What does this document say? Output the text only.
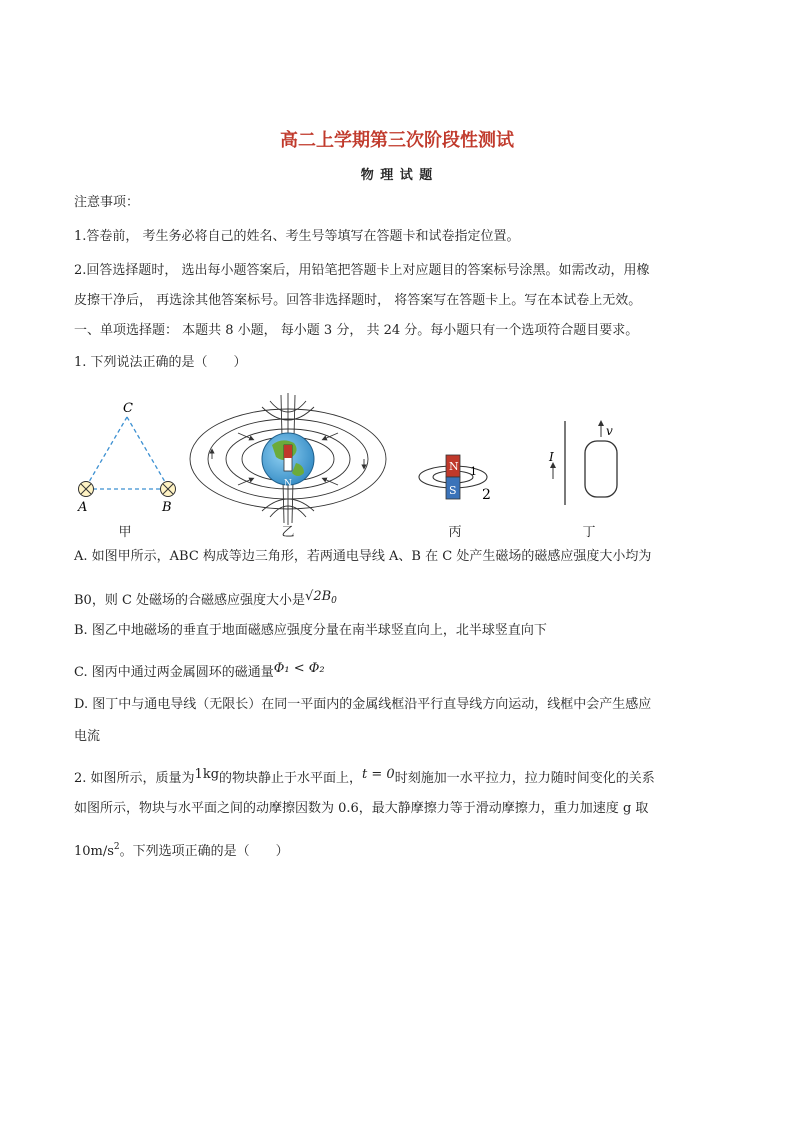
高二上学期第三次阶段性测试
物 理 试 题
注意事项：
1.答卷前， 考生务必将自己的姓名、考生号等填写在答题卡和试卷指定位置。
2.回答选择题时， 选出每小题答案后，用铅笔把答题卡上对应题目的答案标号涂黑。如需改动，用橡
皮擦干净后， 再选涂其他答案标号。回答非选择题时， 将答案写在答题卡上。写在本试卷上无效。
一、单项选择题： 本题共 8 小题， 每小题 3 分， 共 24 分。每小题只有一个选项符合题目要求。
1. 下列说法正确的是（　　）
C
A	B
N
N
S
1
2
I
v
甲	乙	丙	丁
A. 如图甲所示，ABC 构成等边三角形，若两通电导线 A、B 在 C 处产生磁场的磁感应强度大小均为
B0，则 C 处磁场的合磁感应强度大小是$√2B_0$
B. 图乙中地磁场的垂直于地面磁感应强度分量在南半球竖直向上，北半球竖直向下
C. 图丙中通过两金属圆环的磁通量Φ₁ < Φ₂
D. 图丁中与通电导线（无限长）在同一平面内的金属线框沿平行直导线方向运动，线框中会产生感应
电流
2. 如图所示，质量为1kg的物块静止于水平面上，t = 0时刻施加一水平拉力，拉力随时间变化的关系
如图所示，物块与水平面之间的动摩擦因数为 0.6，最大静摩擦力等于滑动摩擦力，重力加速度 g 取
$10m/s^2$。下列选项正确的是（　　）
